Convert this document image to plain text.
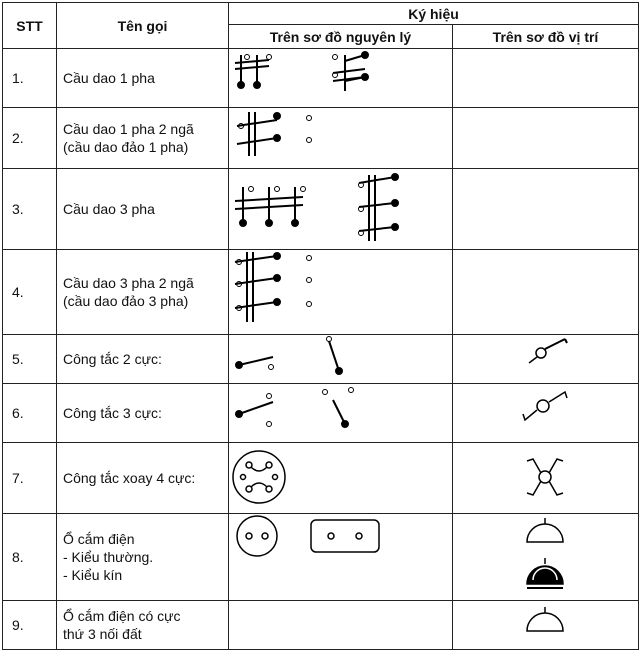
STT	Tên gọi	Ký hiệu	
		Trên sơ đồ nguyên lý	Trên sơ đồ vị trí
1.	Cầu dao 1 pha

2.	Cầu dao 1 pha 2 ngã
(cầu dao đảo 1 pha)

3.	Cầu dao 3 pha

4.	Cầu dao 3 pha 2 ngã
(cầu dao đảo 3 pha)

5.	Công tắc 2 cực:

6.	Công tắc 3 cực:

7.	Công tắc xoay 4 cực:

8.	Ổ cắm điện
- Kiểu thường.
- Kiểu kín

9.	Ổ cắm điện có cực
thứ 3 nối đất
